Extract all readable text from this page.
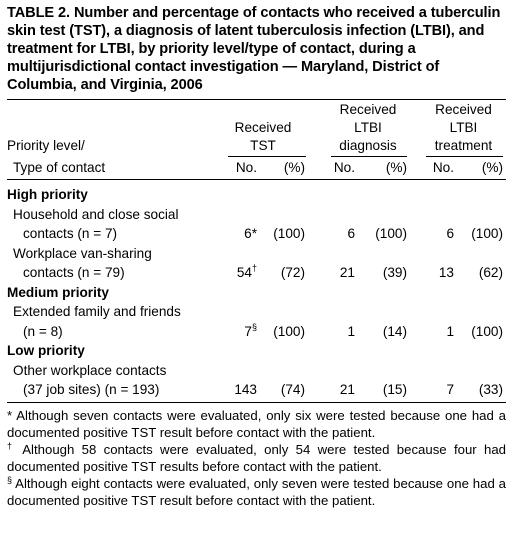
TABLE 2. Number and percentage of contacts who received a tuberculin skin test (TST), a diagnosis of latent tuberculosis infection (LTBI), and treatment for LTBI, by priority level/type of contact, during a multijurisdictional contact investigation — Maryland, District of Columbia, and Virginia, 2006

Received
TST
Received
LTBI
diagnosis
Received
LTBI
treatment
Priority level/
Type of contact	No.	(%)	No.	(%)	No.	(%)
High priority
Household and close social
contacts (n = 7)	6*	(100)	6	(100)	6	(100)
Workplace van-sharing
contacts (n = 79)	54†	(72)	21	(39)	13	(62)
Medium priority
Extended family and friends
(n = 8)	7§	(100)	1	(14)	1	(100)
Low priority
Other workplace contacts
(37 job sites) (n = 193)	143	(74)	21	(15)	7	(33)
* Although seven contacts were evaluated, only six were tested because one had a documented positive TST result before contact with the patient.
† Although 58 contacts were evaluated, only 54 were tested because four had documented positive TST results before contact with the patient.
§ Although eight contacts were evaluated, only seven were tested because one had a documented positive TST result before contact with the patient.
